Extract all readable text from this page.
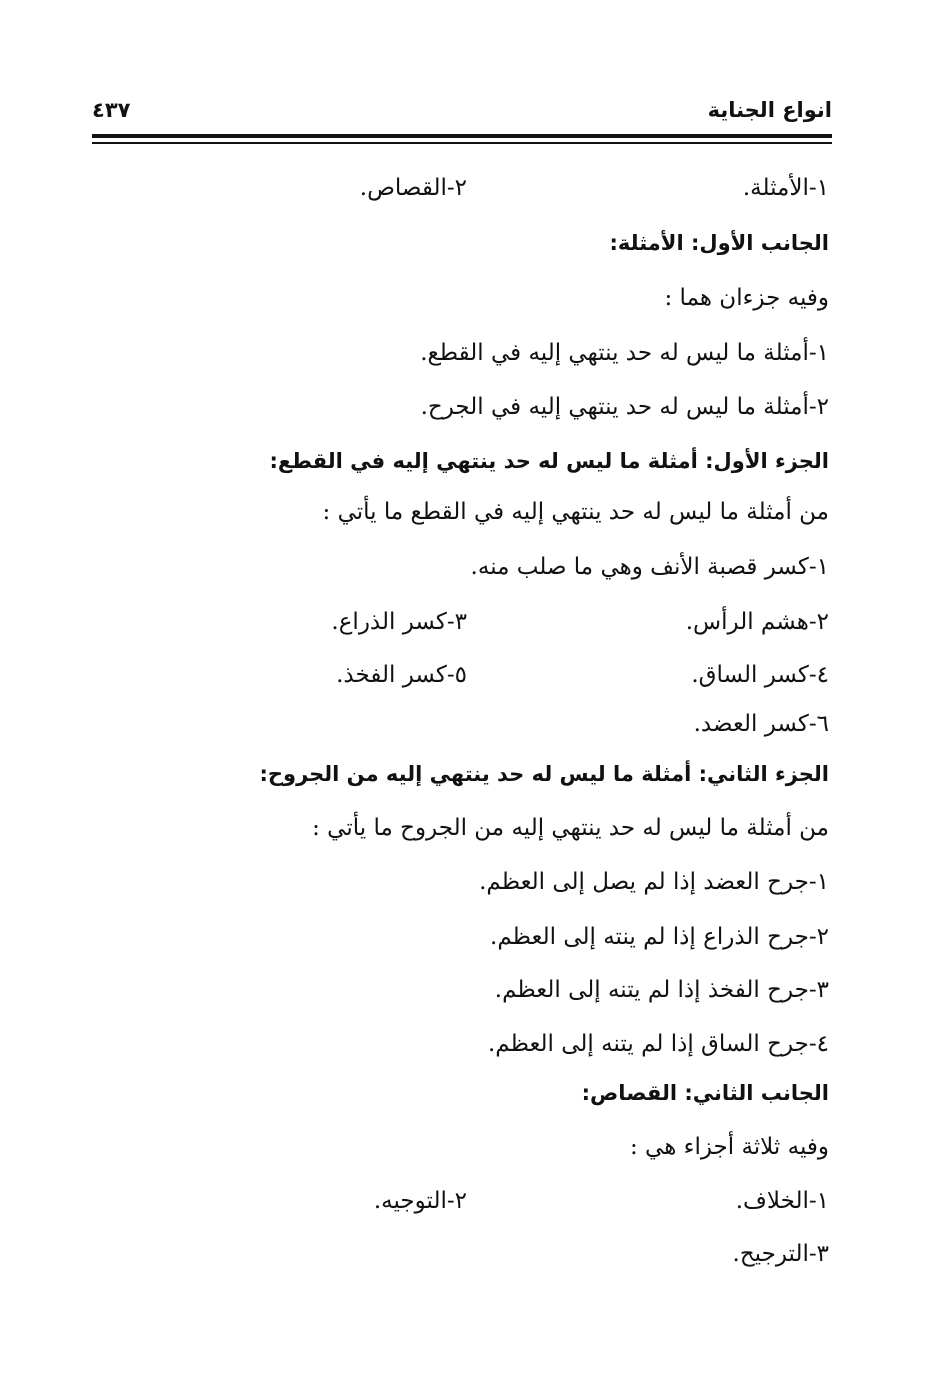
انواع الجناية
٤٣٧
١-الأمثلة.
٢-القصاص.
الجانب الأول: الأمثلة:
وفيه جزءان هما :
١-أمثلة ما ليس له حد ينتهي إليه في القطع.
٢-أمثلة ما ليس له حد ينتهي إليه في الجرح.
الجزء الأول: أمثلة ما ليس له حد ينتهي إليه في القطع:
من أمثلة ما ليس له حد ينتهي إليه في القطع ما يأتي :
١-كسر قصبة الأنف وهي ما صلب منه.
٢-هشم الرأس.
٣-كسر الذراع.
٤-كسر الساق.
٥-كسر الفخذ.
٦-كسر العضد.
الجزء الثاني: أمثلة ما ليس له حد ينتهي إليه من الجروح:
من أمثلة ما ليس له حد ينتهي إليه من الجروح ما يأتي :
١-جرح العضد إذا لم يصل إلى العظم.
٢-جرح الذراع إذا لم ينته إلى العظم.
٣-جرح الفخذ إذا لم يتنه إلى العظم.
٤-جرح الساق إذا لم يتنه إلى العظم.
الجانب الثاني: القصاص:
وفيه ثلاثة أجزاء هي :
١-الخلاف.
٢-التوجيه.
٣-الترجيح.
